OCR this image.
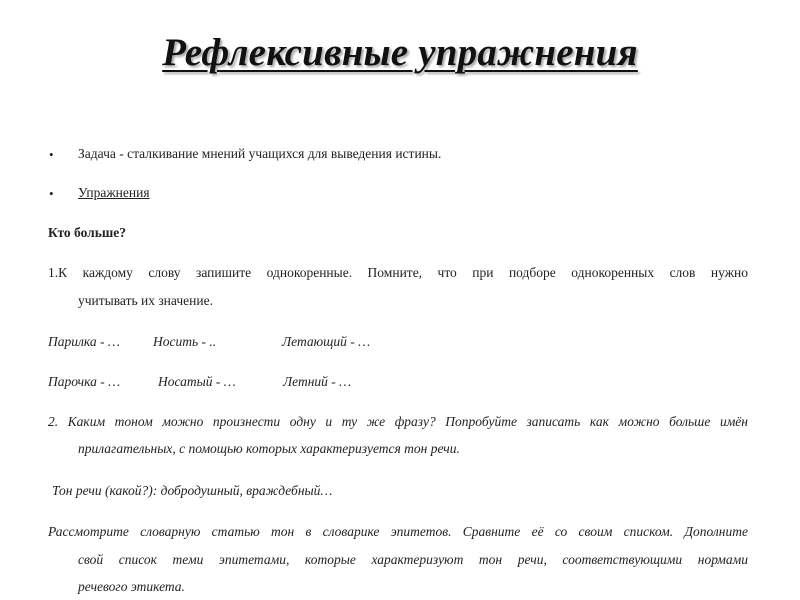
Рефлексивные упражнения
• Задача - сталкивание мнений учащихся для выведения истины.
• Упражнения
Кто больше?
1.К каждому слову запишите однокоренные. Помните, что при подборе однокоренных слов нужно
учитывать их значение.
Парилка - … Носить - ..	Летающий - …
Парочка - …	Носатый - …	Летний - …
2. Каким тоном можно произнести одну и ту же фразу? Попробуйте записать как можно больше имён
прилагательных, с помощью которых характеризуется тон речи.
Тон речи (какой?): добродушный, враждебный…
Рассмотрите словарную статью тон в словарике эпитетов. Сравните её со своим списком. Дополните
свой список теми эпитетами, которые характеризуют тон речи, соответствующими нормами
речевого этикета.
